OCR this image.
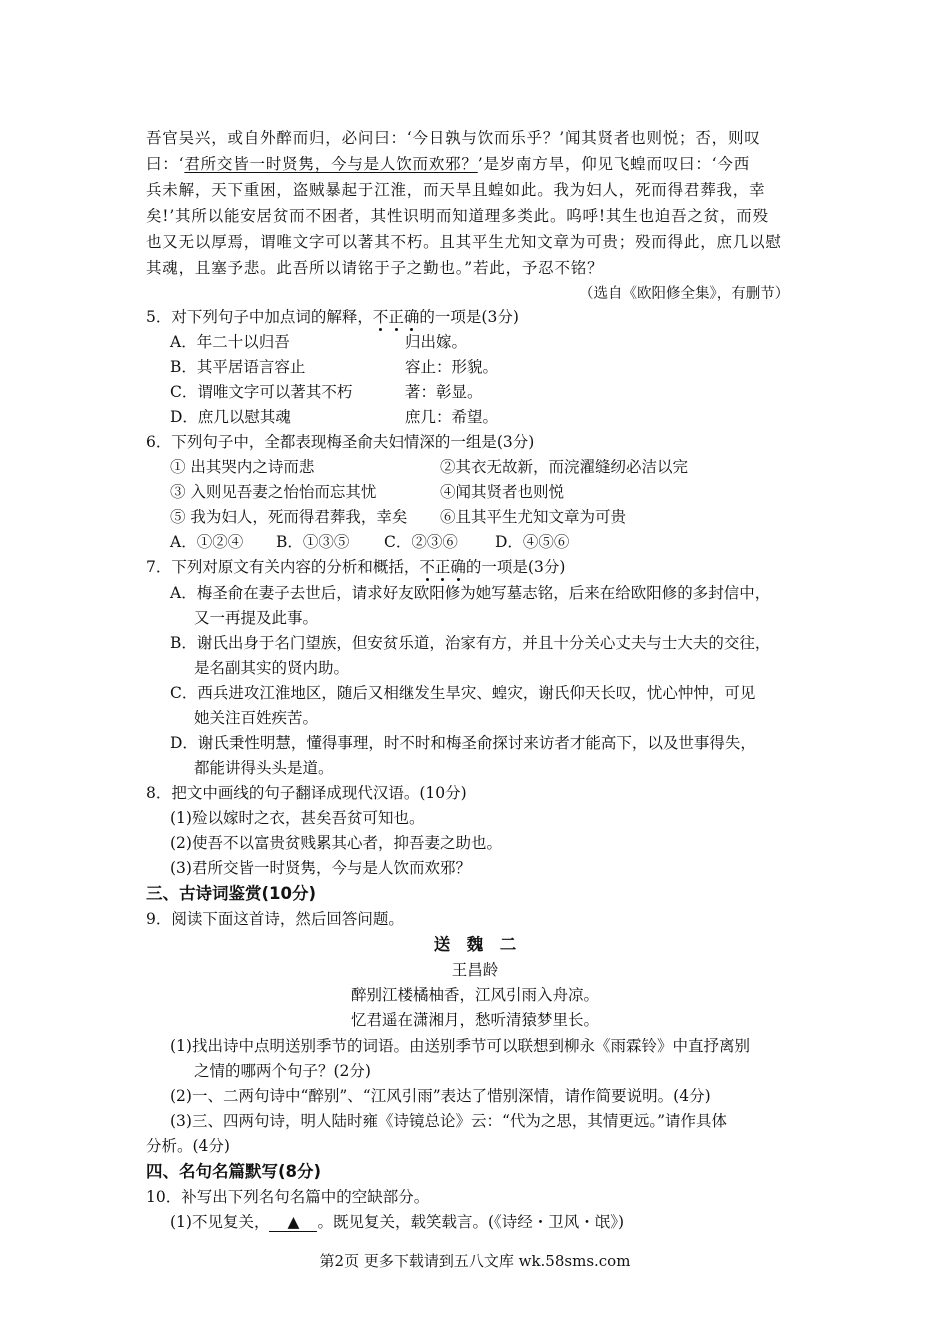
吾官吴兴，或自外醉而归，必问曰：‘今日孰与饮而乐乎？’闻其贤者也则悦；否，则叹
曰：‘君所交皆一时贤隽，今与是人饮而欢邪？’是岁南方旱，仰见飞蝗而叹曰：‘今西
兵未解，天下重困，盗贼暴起于江淮，而天旱且蝗如此。我为妇人，死而得君葬我，幸
矣!’其所以能安居贫而不困者，其性识明而知道理多类此。呜呼!其生也迫吾之贫，而殁
也又无以厚焉，谓唯文字可以著其不朽。且其平生尤知文章为可贵；殁而得此，庶几以慰
其魂，且塞予悲。此吾所以请铭于子之勤也。”若此，予忍不铭？
（选自《欧阳修全集》，有删节）
5．对下列句子中加点词的解释，不正确的一项是(3分)
A．年二十以归吾	归出嫁。
B．其平居语言容止	容止：形貌。
C．谓唯文字可以著其不朽	著：彰显。
D．庶几以慰其魂	庶几：希望。
6．下列句子中，全都表现梅圣俞夫妇情深的一组是(3分)
① 出其哭内之诗而悲	②其衣无故新，而浣濯缝纫必洁以完
③ 入则见吾妻之怡怡而忘其忧	④闻其贤者也则悦
⑤ 我为妇人，死而得君葬我，幸矣 ⑥且其平生尤知文章为可贵
A．①②④ B．①③⑤ C．②③⑥ D．④⑤⑥
7．下列对原文有关内容的分析和概括，不正确的一项是(3分)
A．梅圣俞在妻子去世后，请求好友欧阳修为她写墓志铭，后来在给欧阳修的多封信中，
又一再提及此事。
B．谢氏出身于名门望族，但安贫乐道，治家有方，并且十分关心丈夫与士大夫的交往，
是名副其实的贤内助。
C．西兵进攻江淮地区，随后又相继发生旱灾、蝗灾，谢氏仰天长叹，忧心忡忡，可见
她关注百姓疾苦。
D．谢氏秉性明慧，懂得事理，时不时和梅圣俞探讨来访者才能高下，以及世事得失，
都能讲得头头是道。
8．把文中画线的句子翻译成现代汉语。(10分)
(1)殓以嫁时之衣，甚矣吾贫可知也。
(2)使吾不以富贵贫贱累其心者，抑吾妻之助也。
(3)君所交皆一时贤隽，今与是人饮而欢邪？
三、古诗词鉴赏(10分)
9．阅读下面这首诗，然后回答问题。
送　魏　二
王昌龄
醉别江楼橘柚香，江风引雨入舟凉。
忆君遥在潇湘月，愁听清猿梦里长。
(1)找出诗中点明送别季节的词语。由送别季节可以联想到柳永《雨霖铃》中直抒离别
之情的哪两个句子？(2分)
(2)一、二两句诗中“醉别”、“江风引雨”表达了惜别深情，请作简要说明。(4分)
(3)三、四两句诗，明人陆时雍《诗镜总论》云：“代为之思，其情更远。”请作具体
分析。(4分)
四、名句名篇默写(8分)
10．补写出下列名句名篇中的空缺部分。
(1)不见复关， ▲ 。既见复关，载笑载言。(《诗经・卫风・氓》)
第2页 更多下载请到五八文库 wk.58sms.com
